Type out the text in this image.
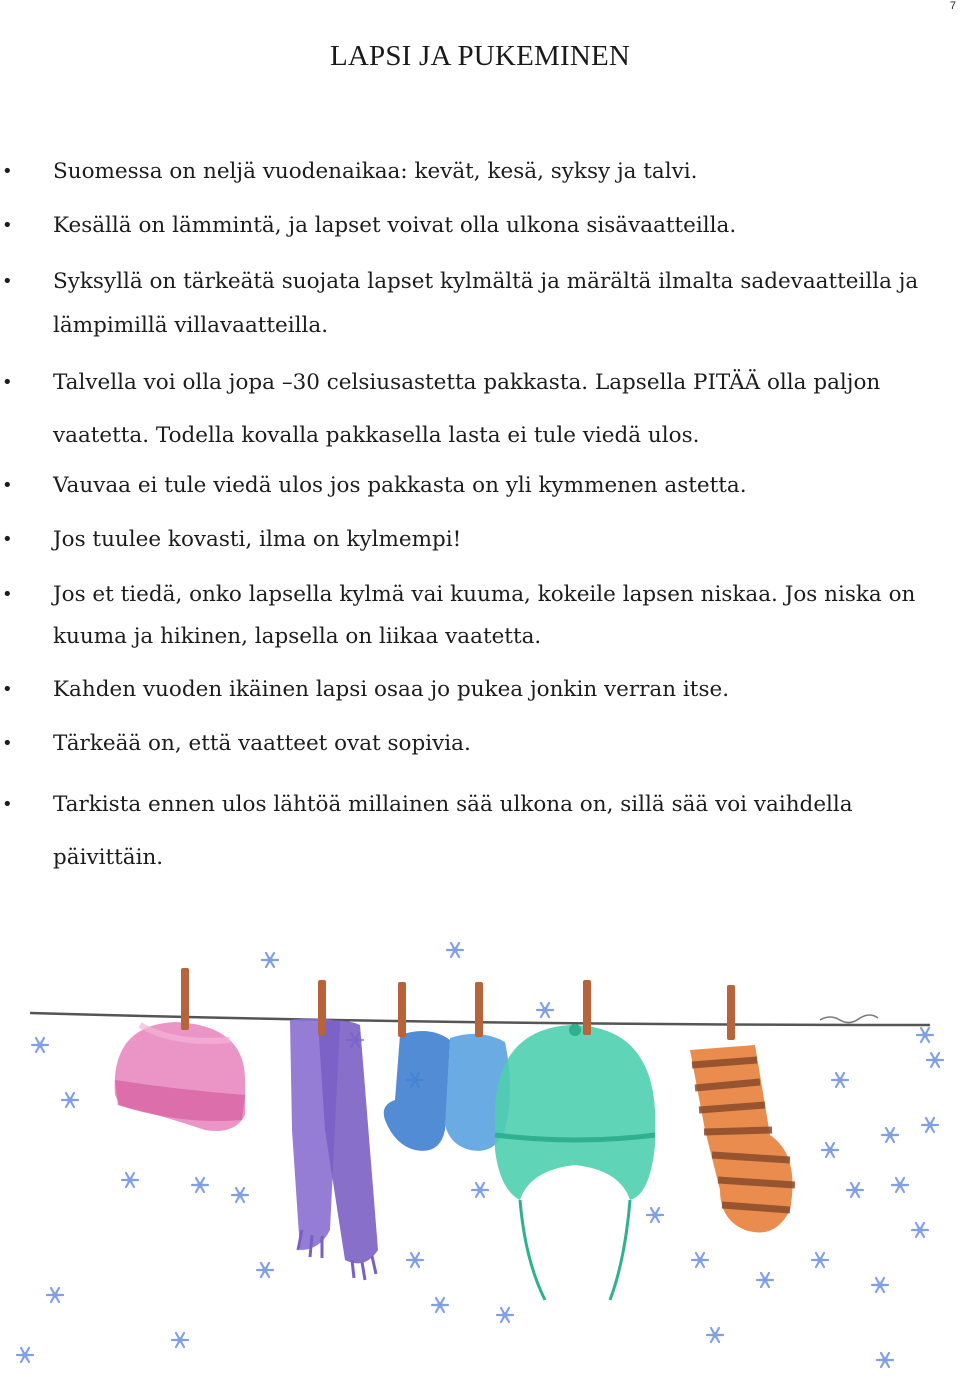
7
LAPSI JA PUKEMINEN
• Suomessa on neljä vuodenaikaa: kevät, kesä, syksy ja talvi.
• Kesällä on lämmintä, ja lapset voivat olla ulkona sisävaatteilla.
• Syksyllä on tärkeätä suojata lapset kylmältä ja märältä ilmalta sadevaatteilla ja lämpimillä villavaatteilla.
• Talvella voi olla jopa –30 celsiusastetta pakkasta. Lapsella PITÄÄ olla paljon vaatetta. Todella kovalla pakkasella lasta ei tule viedä ulos.
• Vauvaa ei tule viedä ulos jos pakkasta on yli kymmenen astetta.
• Jos tuulee kovasti, ilma on kylmempi!
• Jos et tiedä, onko lapsella kylmä vai kuuma, kokeile lapsen niskaa. Jos niska on kuuma ja hikinen, lapsella on liikaa vaatetta.
• Kahden vuoden ikäinen lapsi osaa jo pukea jonkin verran itse.
• Tärkeää on, että vaatteet ovat sopivia.
• Tarkista ennen ulos lähtöä millainen sää ulkona on, sillä sää voi vaihdella päivittäin.
